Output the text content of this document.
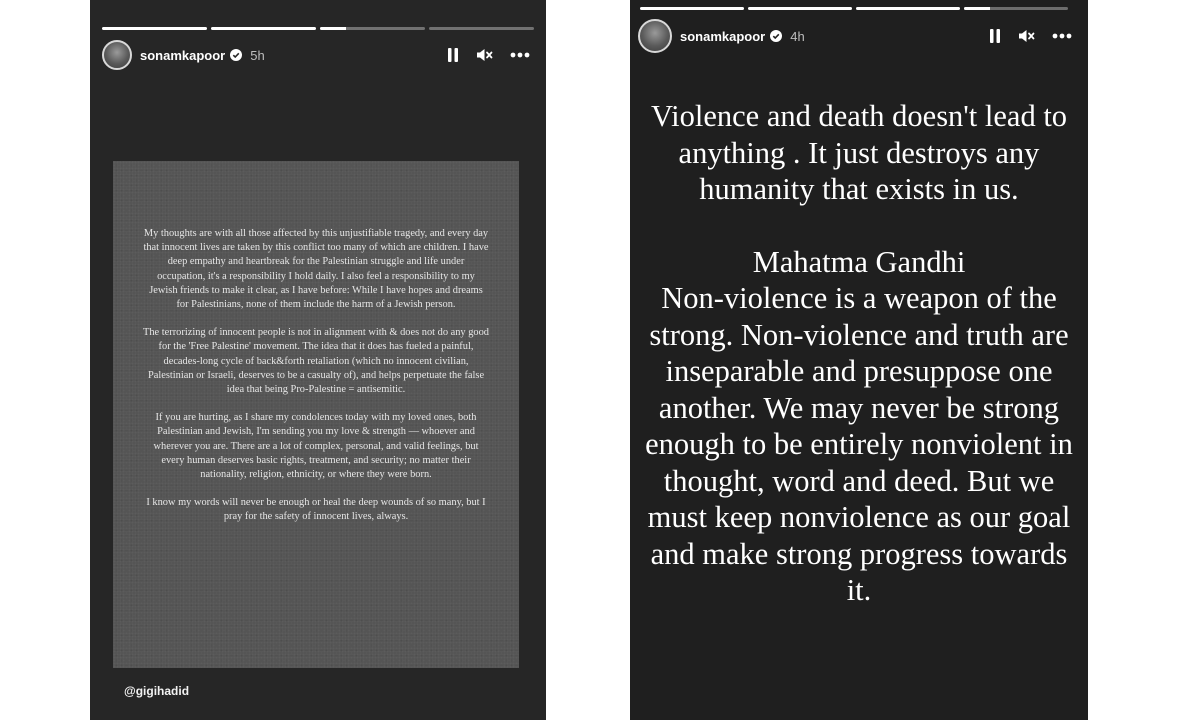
sonamkapoor 5h

My thoughts are with all those affected by this unjustifiable tragedy, and every day that innocent lives are taken by this conflict too many of which are children. I have deep empathy and heartbreak for the Palestinian struggle and life under occupation, it's a responsibility I hold daily. I also feel a responsibility to my Jewish friends to make it clear, as I have before: While I have hopes and dreams for Palestinians, none of them include the harm of a Jewish person.

The terrorizing of innocent people is not in alignment with & does not do any good for the 'Free Palestine' movement. The idea that it does has fueled a painful, decades-long cycle of back&forth retaliation (which no innocent civilian, Palestinian or Israeli, deserves to be a casualty of), and helps perpetuate the false idea that being Pro-Palestine = antisemitic.

If you are hurting, as I share my condolences today with my loved ones, both Palestinian and Jewish, I'm sending you my love & strength — whoever and wherever you are. There are a lot of complex, personal, and valid feelings, but every human deserves basic rights, treatment, and security; no matter their nationality, religion, ethnicity, or where they were born.

I know my words will never be enough or heal the deep wounds of so many, but I pray for the safety of innocent lives, always.

@gigihadid
sonamkapoor 4h
Violence and death doesn't lead to anything . It just destroys any humanity that exists in us.
Mahatma Gandhi
Non-violence is a weapon of the strong. Non-violence and truth are inseparable and presuppose one another. We may never be strong enough to be entirely nonviolent in thought, word and deed. But we must keep nonviolence as our goal and make strong progress towards it.
